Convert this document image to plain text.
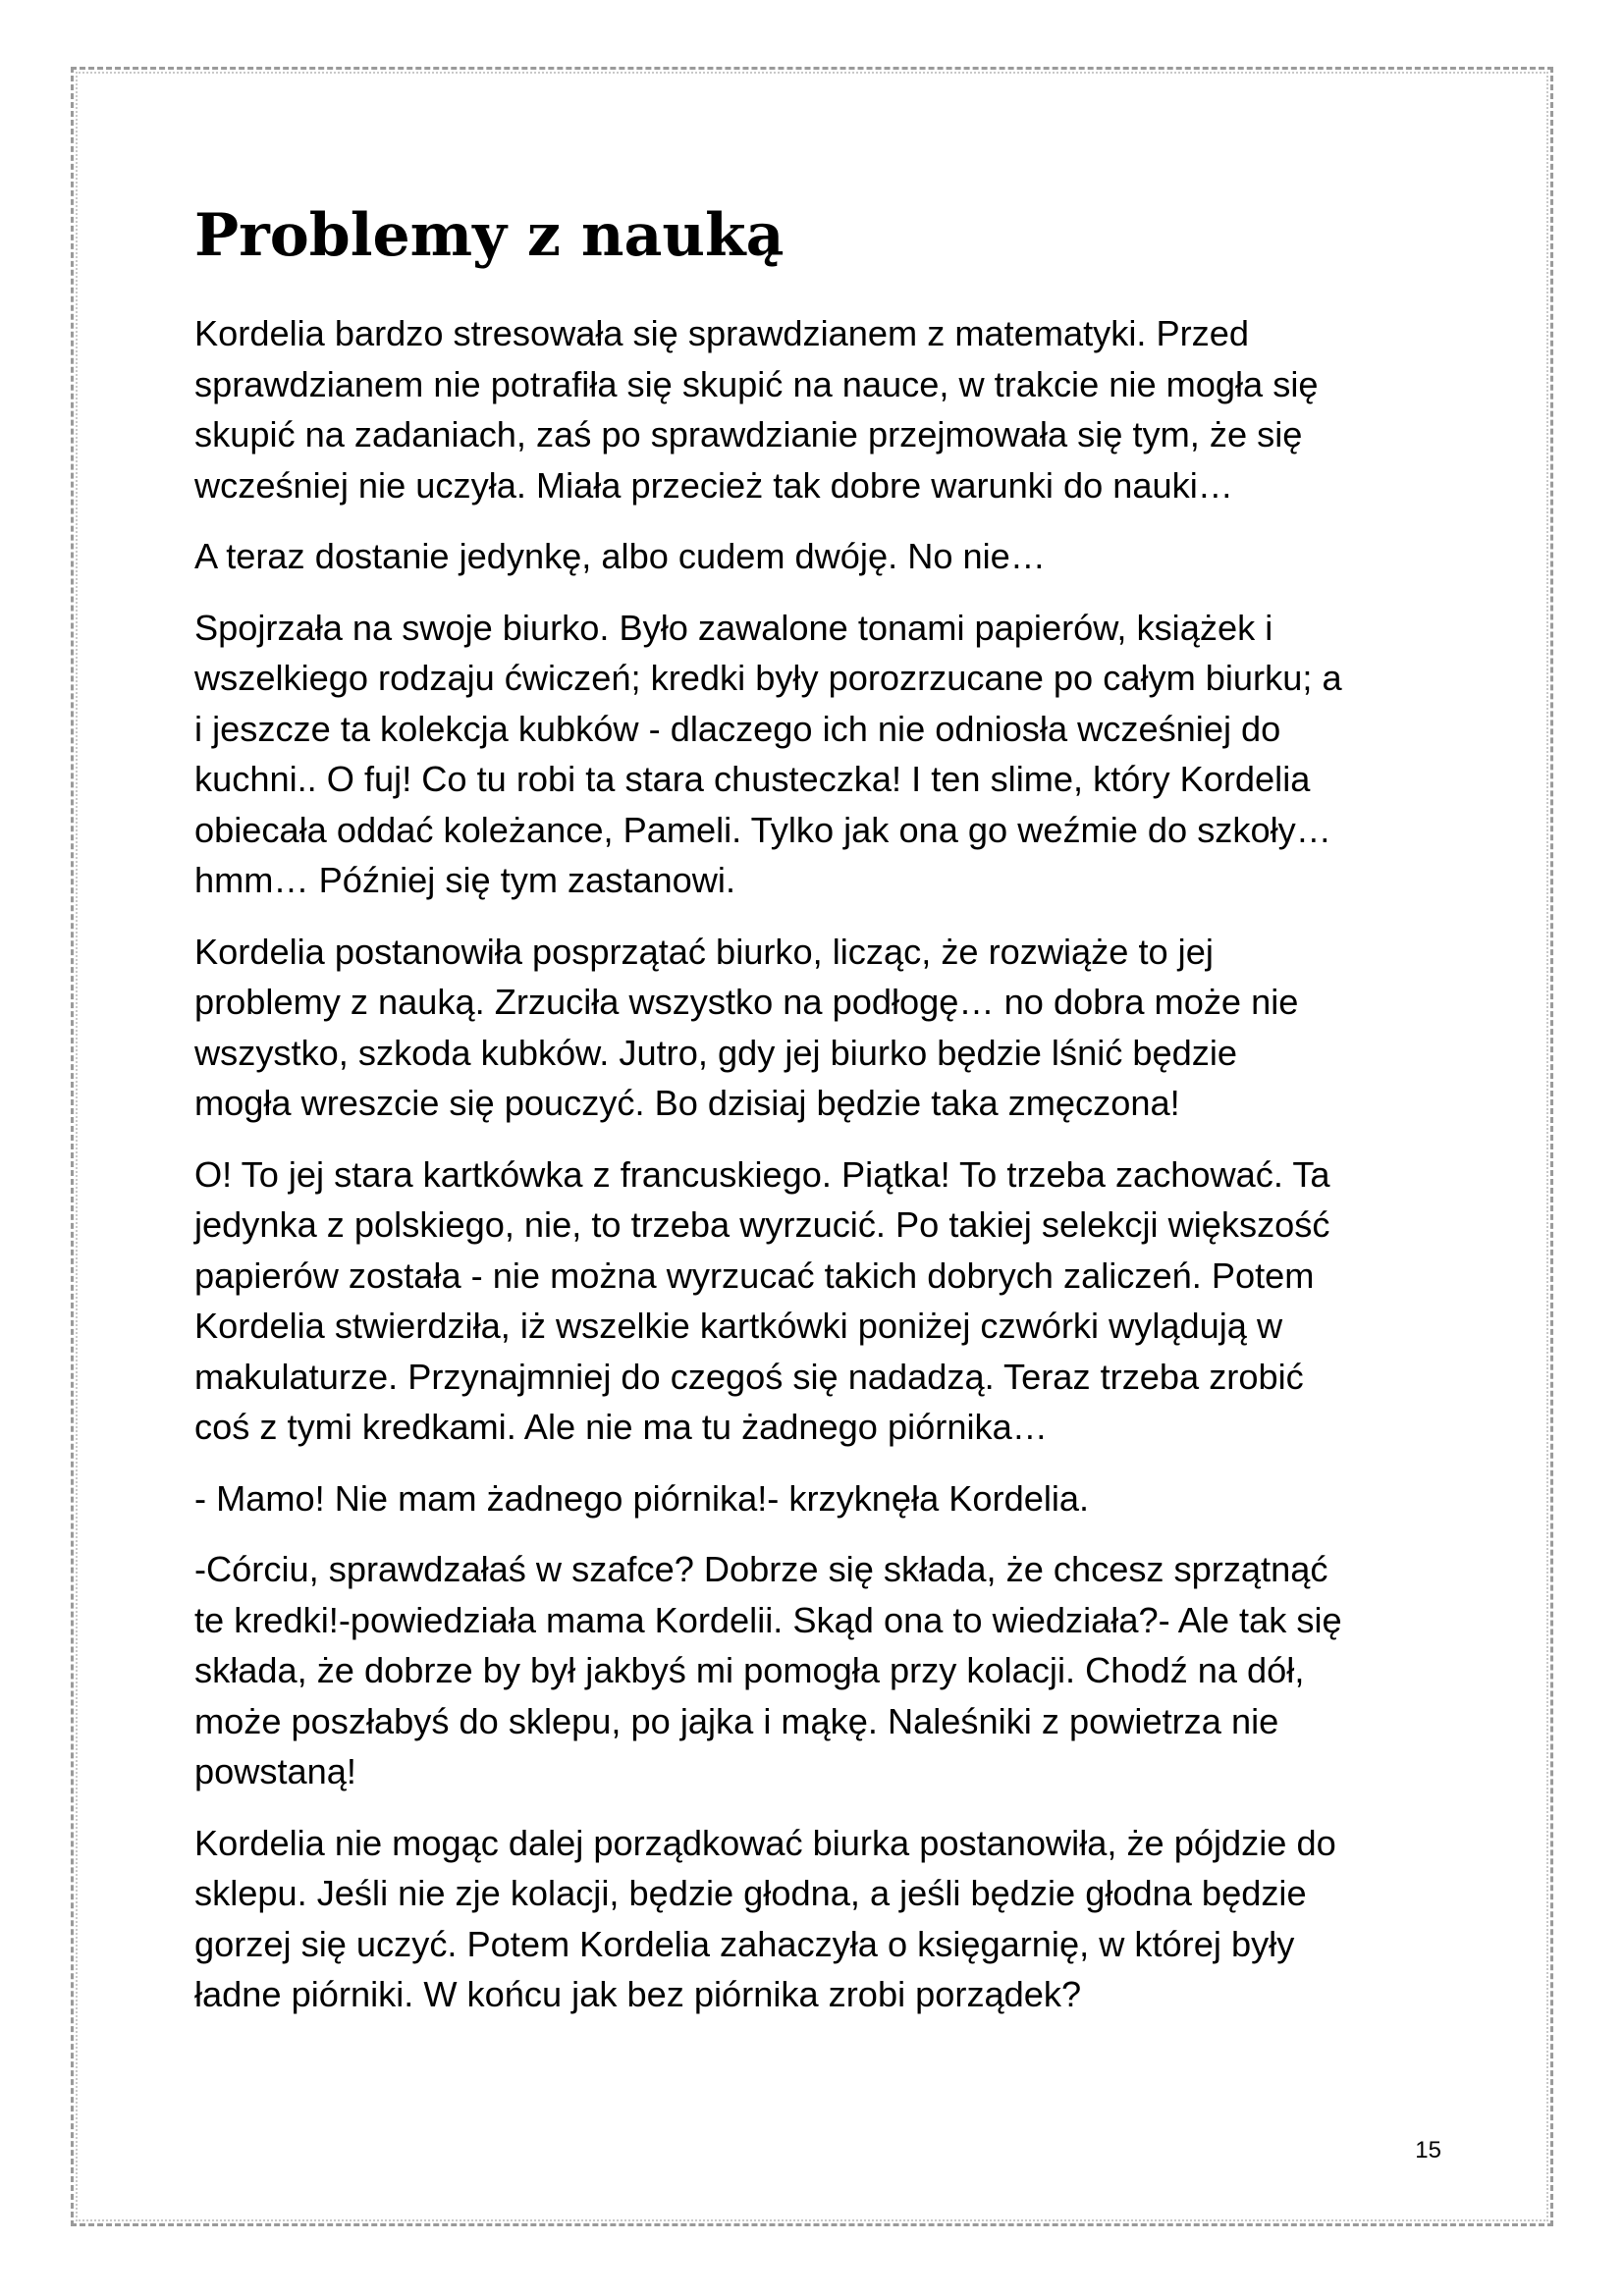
Problemy z nauką

Kordelia bardzo stresowała się sprawdzianem z matematyki. Przed
sprawdzianem nie potrafiła się skupić na nauce, w trakcie nie mogła się
skupić na zadaniach, zaś po sprawdzianie przejmowała się tym, że się
wcześniej nie uczyła. Miała przecież tak dobre warunki do nauki…

A teraz dostanie jedynkę, albo cudem dwóję. No nie…

Spojrzała na swoje biurko. Było zawalone tonami papierów, książek i
wszelkiego rodzaju ćwiczeń; kredki były porozrzucane po całym biurku; a
i jeszcze ta kolekcja kubków - dlaczego ich nie odniosła wcześniej do
kuchni.. O fuj! Co tu robi ta stara chusteczka! I ten slime, który Kordelia
obiecała oddać koleżance, Pameli. Tylko jak ona go weźmie do szkoły…
hmm… Później się tym zastanowi.

Kordelia postanowiła posprzątać biurko, licząc, że rozwiąże to jej
problemy z nauką. Zrzuciła wszystko na podłogę… no dobra może nie
wszystko, szkoda kubków. Jutro, gdy jej biurko będzie lśnić będzie
mogła wreszcie się pouczyć. Bo dzisiaj będzie taka zmęczona!

O! To jej stara kartkówka z francuskiego. Piątka! To trzeba zachować. Ta
jedynka z polskiego, nie, to trzeba wyrzucić. Po takiej selekcji większość
papierów została - nie można wyrzucać takich dobrych zaliczeń. Potem
Kordelia stwierdziła, iż wszelkie kartkówki poniżej czwórki wylądują w
makulaturze. Przynajmniej do czegoś się nadadzą. Teraz trzeba zrobić
coś z tymi kredkami. Ale nie ma tu żadnego piórnika…

- Mamo! Nie mam żadnego piórnika!- krzyknęła Kordelia.

-Córciu, sprawdzałaś w szafce? Dobrze się składa, że chcesz sprzątnąć
te kredki!-powiedziała mama Kordelii. Skąd ona to wiedziała?- Ale tak się
składa, że dobrze by był jakbyś mi pomogła przy kolacji. Chodź na dół,
może poszłabyś do sklepu, po jajka i mąkę. Naleśniki z powietrza nie
powstaną!

Kordelia nie mogąc dalej porządkować biurka postanowiła, że pójdzie do
sklepu. Jeśli nie zje kolacji, będzie głodna, a jeśli będzie głodna będzie
gorzej się uczyć. Potem Kordelia zahaczyła o księgarnię, w której były
ładne piórniki. W końcu jak bez piórnika zrobi porządek?

15
